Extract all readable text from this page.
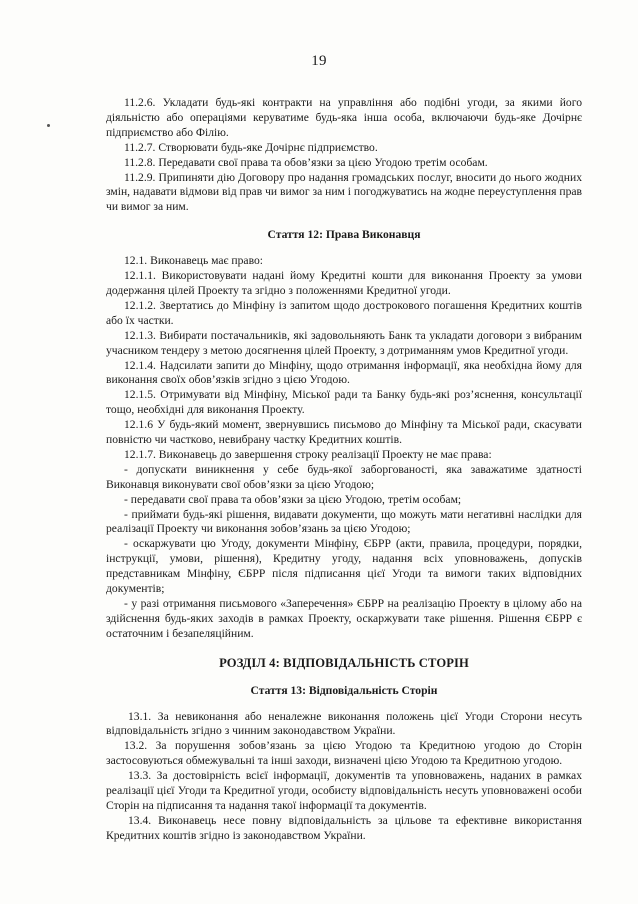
19

11.2.6. Укладати будь-які контракти на управління або подібні угоди, за якими його діяльністю або операціями керуватиме будь-яка інша особа, включаючи будь-яке Дочірнє підприємство або Філію.

11.2.7. Створювати будь-яке Дочірнє підприємство.

11.2.8. Передавати свої права та обов’язки за цією Угодою третім особам.

11.2.9. Припиняти дію Договору про надання громадських послуг, вносити до нього жодних змін, надавати відмови від прав чи вимог за ним і погоджуватись на жодне переуступлення прав чи вимог за ним.

Стаття 12: Права Виконавця

12.1. Виконавець має право:

12.1.1. Використовувати надані йому Кредитні кошти для виконання Проекту за умови додержання цілей Проекту та згідно з положеннями Кредитної угоди.

12.1.2. Звертатись до Мінфіну із запитом щодо дострокового погашення Кредитних коштів або їх частки.

12.1.3. Вибирати постачальників, які задовольняють Банк та укладати договори з вибраним учасником тендеру з метою досягнення цілей Проекту, з дотриманням умов Кредитної угоди.

12.1.4. Надсилати запити до Мінфіну, щодо отримання інформації, яка необхідна йому для виконання своїх обов’язків згідно з цією Угодою.

12.1.5. Отримувати від Мінфіну, Міської ради та Банку будь-які роз’яснення, консультації тощо, необхідні для виконання Проекту.

12.1.6 У будь-який момент, звернувшись письмово до Мінфіну та Міської ради, скасувати повністю чи частково, невибрану частку Кредитних коштів.

12.1.7. Виконавець до завершення строку реалізації Проекту не має права:

- допускати виникнення у себе будь-якої заборгованості, яка заважатиме здатності Виконавця виконувати свої обов’язки за цією Угодою;

- передавати свої права та обов’язки за цією Угодою, третім особам;

- приймати будь-які рішення, видавати документи, що можуть мати негативні наслідки для реалізації Проекту чи виконання зобов’язань за цією Угодою;

- оскаржувати цю Угоду, документи Мінфіну, ЄБРР (акти, правила, процедури, порядки, інструкції, умови, рішення), Кредитну угоду, надання всіх уповноважень, допусків представникам Мінфіну, ЄБРР після підписання цієї Угоди та вимоги таких відповідних документів;

- у разі отримання письмового «Заперечення» ЄБРР на реалізацію Проекту в цілому або на здійснення будь-яких заходів в рамках Проекту, оскаржувати таке рішення. Рішення ЄБРР є остаточним і безапеляційним.

РОЗДІЛ 4: ВІДПОВІДАЛЬНІСТЬ СТОРІН

Стаття 13: Відповідальність Сторін

13.1. За невиконання або неналежне виконання положень цієї Угоди Сторони несуть відповідальність згідно з чинним законодавством України.

13.2. За порушення зобов’язань за цією Угодою та Кредитною угодою до Сторін застосовуються обмежувальні та інші заходи, визначені цією Угодою та Кредитною угодою.

13.3. За достовірність всієї інформації, документів та уповноважень, наданих в рамках реалізації цієї Угоди та Кредитної угоди, особисту відповідальність несуть уповноважені особи Сторін на підписання та надання такої інформації та документів.

13.4. Виконавець несе повну відповідальність за цільове та ефективне використання Кредитних коштів згідно із законодавством України.
